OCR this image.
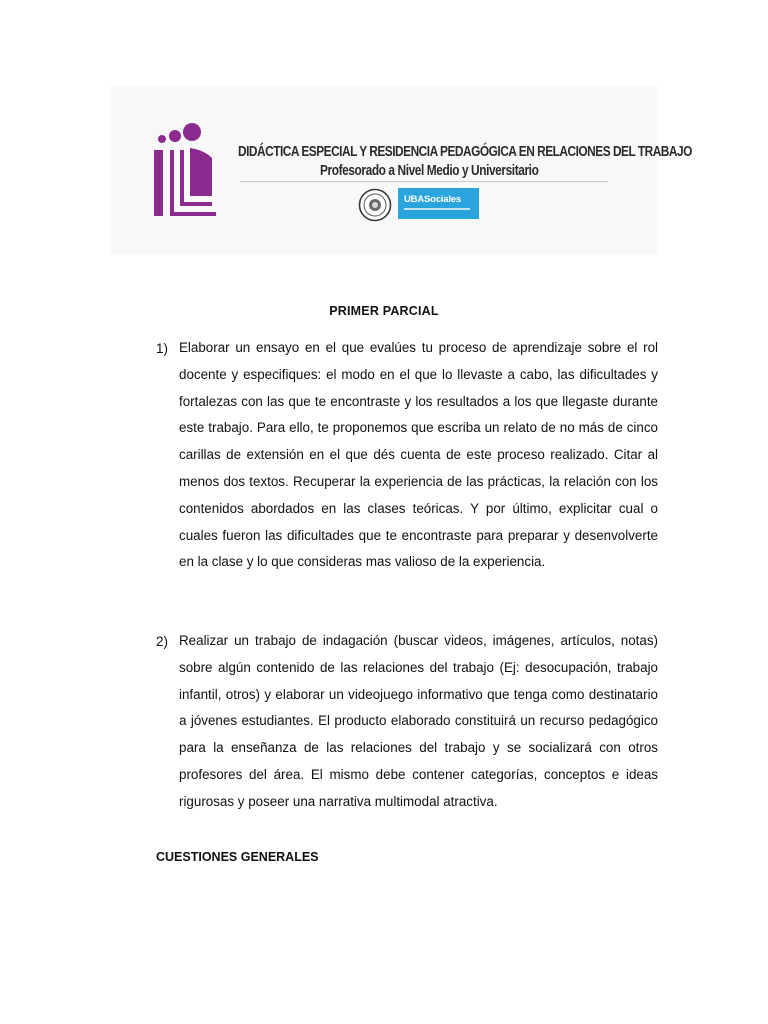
DIDÁCTICA ESPECIAL Y RESIDENCIA PEDAGÓGICA EN RELACIONES DEL TRABAJO
Profesorado a Nivel Medio y Universitario
UBASociales
PRIMER PARCIAL
1) Elaborar un ensayo en el que evalúes tu proceso de aprendizaje sobre el rol docente y especifiques: el modo en el que lo llevaste a cabo, las dificultades y fortalezas con las que te encontraste y los resultados a los que llegaste durante este trabajo. Para ello, te proponemos que escriba un relato de no más de cinco carillas de extensión en el que dés cuenta de este proceso realizado. Citar al menos dos textos. Recuperar la experiencia de las prácticas, la relación con los contenidos abordados en las clases teóricas. Y por último, explicitar cual o cuales fueron las dificultades que te encontraste para preparar y desenvolverte en la clase y lo que consideras mas valioso de la experiencia.
2) Realizar un trabajo de indagación (buscar videos, imágenes, artículos, notas) sobre algún contenido de las relaciones del trabajo (Ej: desocupación, trabajo infantil, otros) y elaborar un videojuego informativo que tenga como destinatario a jóvenes estudiantes. El producto elaborado constituirá un recurso pedagógico para la enseñanza de las relaciones del trabajo y se socializará con otros profesores del área. El mismo debe contener categorías, conceptos e ideas rigurosas y poseer una narrativa multimodal atractiva.
CUESTIONES GENERALES
